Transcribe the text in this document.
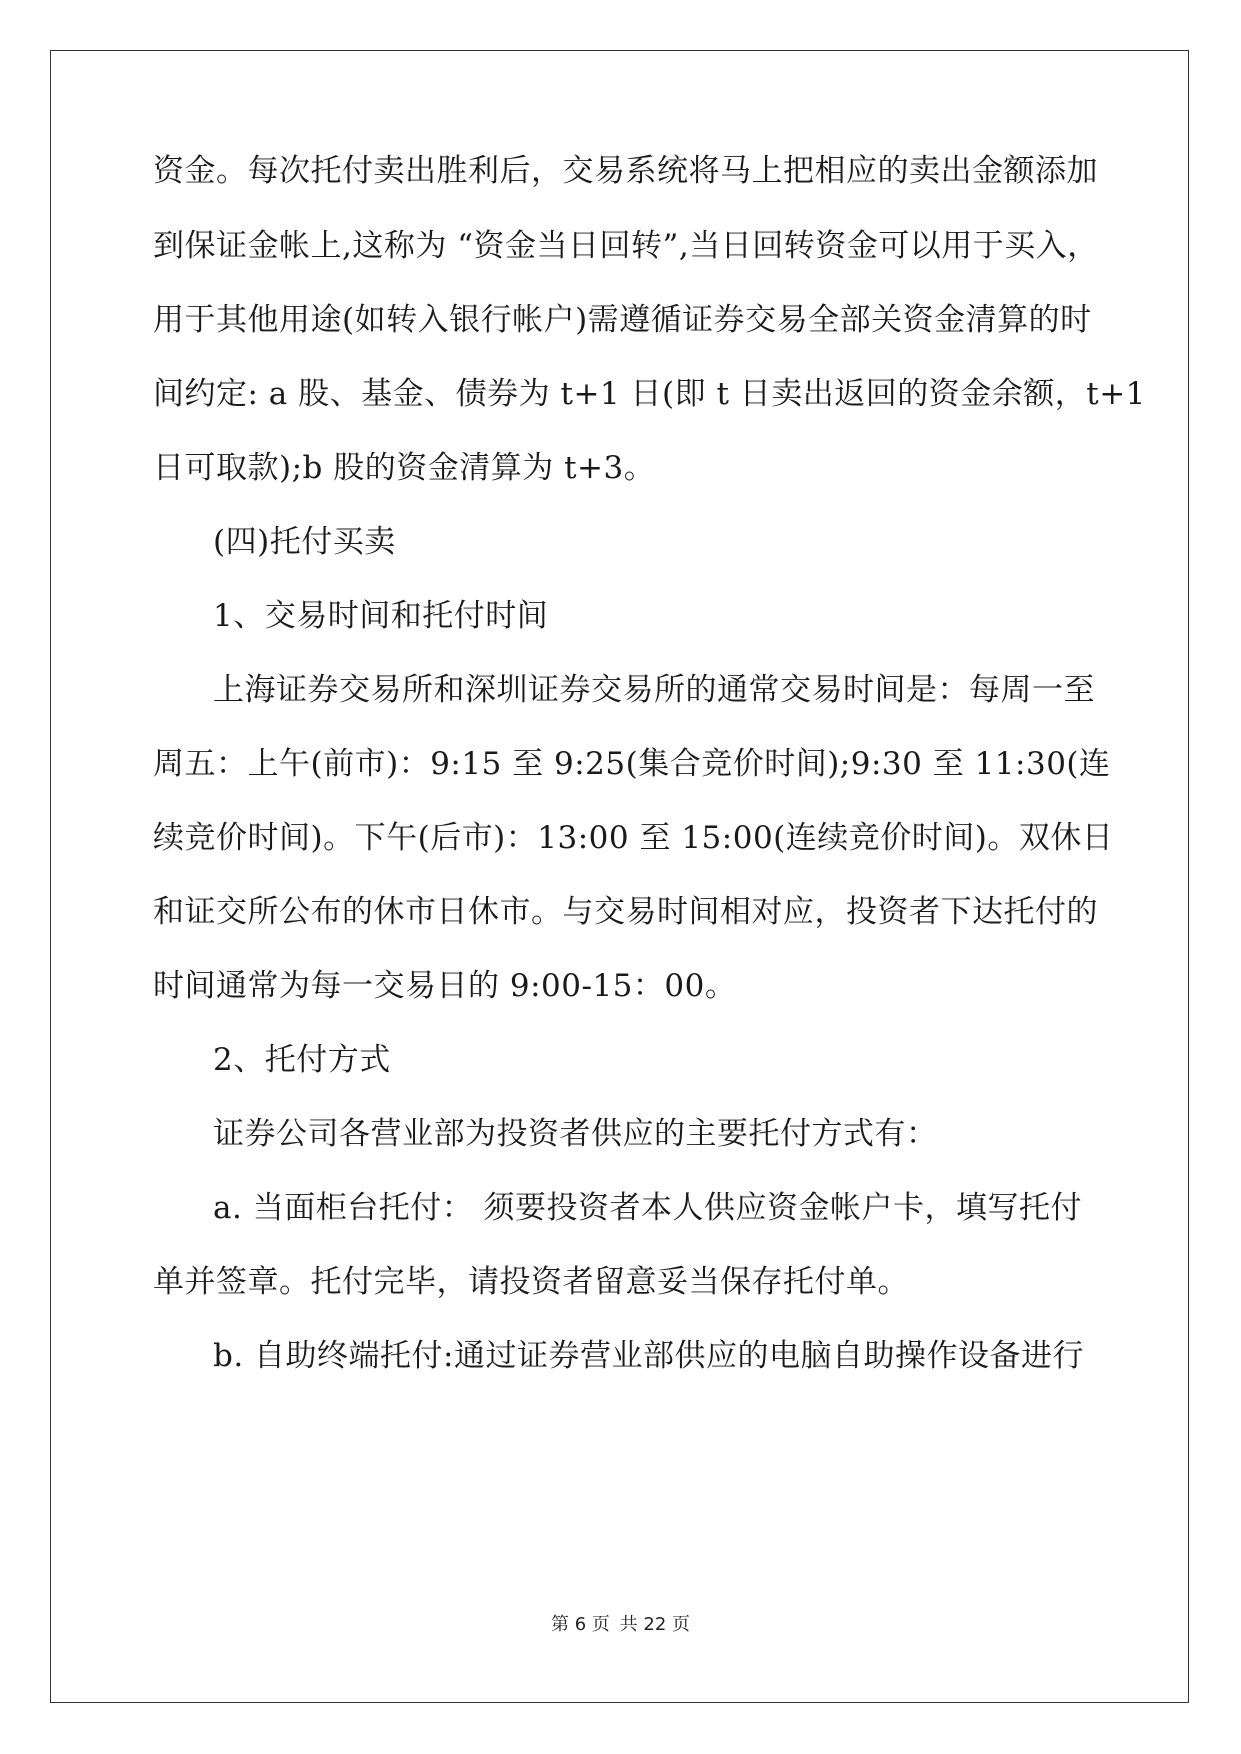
资金。每次托付卖出胜利后，交易系统将马上把相应的卖出金额添加
到保证金帐上,这称为 “资金当日回转”,当日回转资金可以用于买入，
用于其他用途(如转入银行帐户)需遵循证券交易全部关资金清算的时
间约定: a 股、基金、债券为 t+1 日(即 t 日卖出返回的资金余额，t+1
日可取款);b 股的资金清算为 t+3。
(四)托付买卖
1、交易时间和托付时间
上海证券交易所和深圳证券交易所的通常交易时间是：每周一至
周五：上午(前市)：9:15 至 9:25(集合竞价时间);9:30 至 11:30(连
续竞价时间)。下午(后市)：13:00 至 15:00(连续竞价时间)。双休日
和证交所公布的休市日休市。与交易时间相对应，投资者下达托付的
时间通常为每一交易日的 9:00-15：00。
2、托付方式
证券公司各营业部为投资者供应的主要托付方式有：
a. 当面柜台托付： 须要投资者本人供应资金帐户卡，填写托付
单并签章。托付完毕，请投资者留意妥当保存托付单。
b. 自助终端托付:通过证券营业部供应的电脑自助操作设备进行
第 6 页 共 22 页
